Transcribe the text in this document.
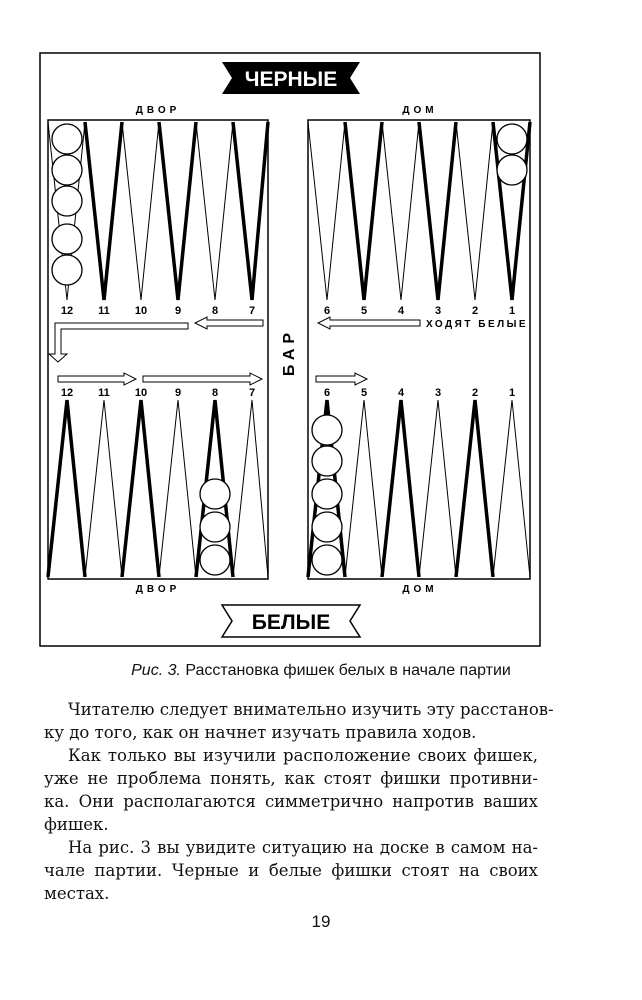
ЧЕРНЫЕ
БЕЛЫЕ
ДВОР	ДОМ
ДВОР	ДОМ
12 11 10	9	8	7	6	5	4	3	2	1
12 11 10	9	8	7	6	5	4	3	2	1
БАР
ХОДЯТ БЕЛЫЕ
Рис. 3. Расстановка фишек белых в начале партии
Читателю следует внимательно изучить эту расстанов-
ку до того, как он начнет изучать правила ходов.
Как только вы изучили расположение своих фишек,
уже не проблема понять, как стоят фишки противни-
ка. Они располагаются симметрично напротив ваших
фишек.
На рис. 3 вы увидите ситуацию на доске в самом на-
чале партии. Черные и белые фишки стоят на своих
местах.
19
